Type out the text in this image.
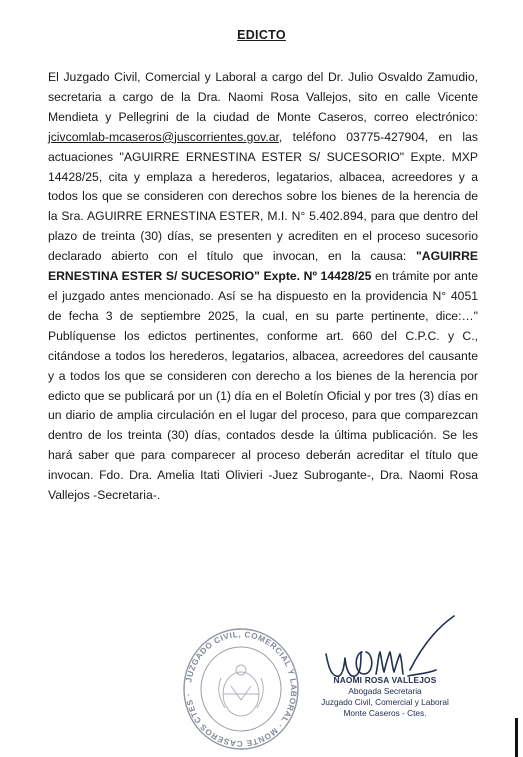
EDICTO

El Juzgado Civil, Comercial y Laboral a cargo del Dr. Julio Osvaldo Zamudio, secretaria a cargo de la Dra. Naomi Rosa Vallejos, sito en calle Vicente Mendieta y Pellegrini de la ciudad de Monte Caseros, correo electrónico: jcivcomlab-mcaseros@juscorrientes.gov.ar, teléfono 03775-427904, en las actuaciones "AGUIRRE ERNESTINA ESTER S/ SUCESORIO" Expte. MXP 14428/25, cita y emplaza a herederos, legatarios, albacea, acreedores y a todos los que se consideren con derechos sobre los bienes de la herencia de la Sra. AGUIRRE ERNESTINA ESTER, M.I. N° 5.402.894, para que dentro del plazo de treinta (30) días, se presenten y acrediten en el proceso sucesorio declarado abierto con el título que invocan, en la causa: "AGUIRRE ERNESTINA ESTER S/ SUCESORIO" Expte. Nº 14428/25 en trámite por ante el juzgado antes mencionado. Así se ha dispuesto en la providencia N° 4051 de fecha 3 de septiembre 2025, la cual, en su parte pertinente, dice:…" Publíquense los edictos pertinentes, conforme art. 660 del C.P.C. y C., citándose a todos los herederos, legatarios, albacea, acreedores del causante y a todos los que se consideren con derecho a los bienes de la herencia por edicto que se publicará por un (1) día en el Boletín Oficial y por tres (3) días en un diario de amplia circulación en el lugar del proceso, para que comparezcan dentro de los treinta (30) días, contados desde la última publicación. Se les hará saber que para comparecer al proceso deberán acreditar el título que invocan. Fdo. Dra. Amelia Itati Olivieri -Juez Subrogante-, Dra. Naomi Rosa Vallejos -Secretaria-.

JUZGADO CIVIL, COMERCIAL Y LABORAL · MONTE CASEROS CTES ·
NAOMI ROSA VALLEJOS
Abogada Secretaria
Juzgado Civil, Comercial y Laboral
Monte Caseros - Ctes.
